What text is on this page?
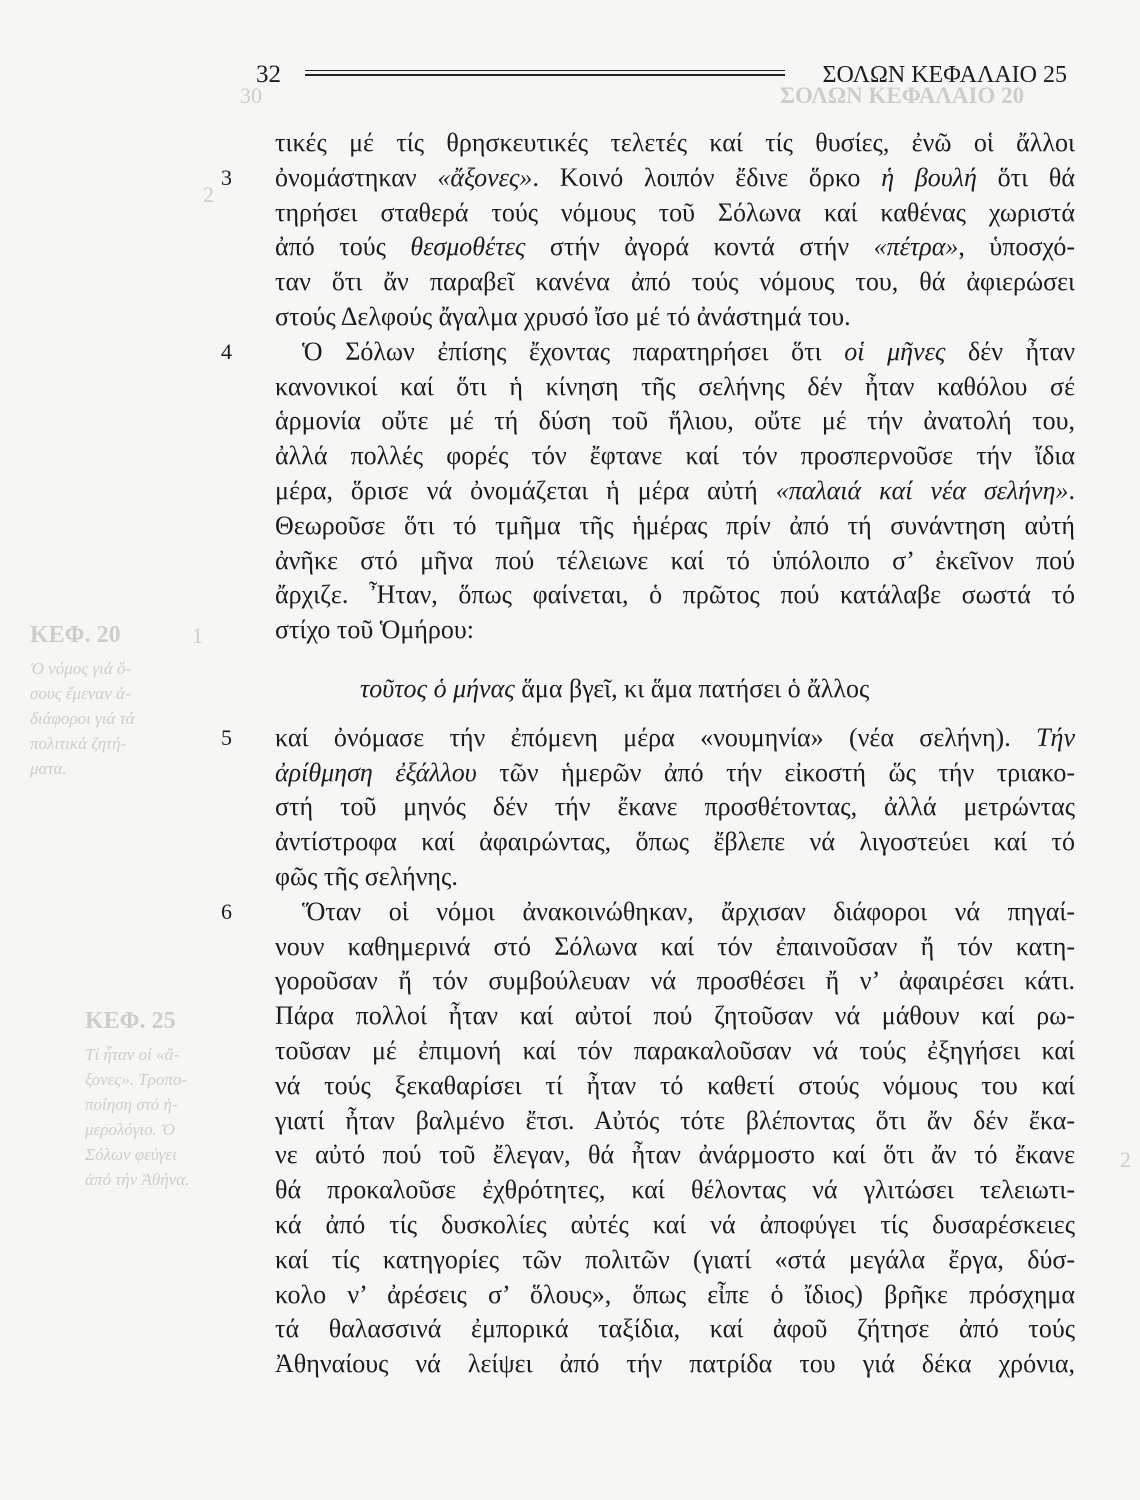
30	ΣΟΛΩΝ ΚΕΦΑΛΑΙΟ 20
2
1
2
ΚΕΦ. 20
Ὁ νόμος γιά ὅ-
σους ἔμεναν ἀ-
διάφοροι γιά τά
πολιτικά ζητή-
ματα.
ΚΕΦ. 25
Τί ἦταν οἱ «ἄ-
ξονες». Τροπο-
ποίηση στό ἡ-
μερολόγιο. Ὁ
Σόλων φεύγει
ἀπό τήν Ἀθήνα.
32	ΣΟΛΩΝ ΚΕΦΑΛΑΙΟ 25
τικές μέ τίς θρησκευτικές τελετές καί τίς θυσίες, ἐνῶ οἱ ἄλλοι
3 ὀνομάστηκαν «ἄξονες». Κοινό λοιπόν ἔδινε ὅρκο ἡ βουλή ὅτι θά
τηρήσει σταθερά τούς νόμους τοῦ Σόλωνα καί καθένας χωριστά
ἀπό τούς θεσμοθέτες στήν ἀγορά κοντά στήν «πέτρα», ὑποσχό-
ταν ὅτι ἄν παραβεῖ κανένα ἀπό τούς νόμους του, θά ἀφιερώσει
στούς Δελφούς ἄγαλμα χρυσό ἴσο μέ τό ἀνάστημά του.
4	Ὁ Σόλων ἐπίσης ἔχοντας παρατηρήσει ὅτι οἱ μῆνες δέν ἦταν
κανονικοί καί ὅτι ἡ κίνηση τῆς σελήνης δέν ἦταν καθόλου σέ
ἁρμονία οὔτε μέ τή δύση τοῦ ἥλιου, οὔτε μέ τήν ἀνατολή του,
ἀλλά πολλές φορές τόν ἔφτανε καί τόν προσπερνοῦσε τήν ἴδια
μέρα, ὅρισε νά ὀνομάζεται ἡ μέρα αὐτή «παλαιά καί νέα σελήνη».
Θεωροῦσε ὅτι τό τμῆμα τῆς ἡμέρας πρίν ἀπό τή συνάντηση αὐτή
ἀνῆκε στό μῆνα πού τέλειωνε καί τό ὑπόλοιπο σ’ ἐκεῖνον πού
ἄρχιζε. Ἦταν, ὅπως φαίνεται, ὁ πρῶτος πού κατάλαβε σωστά τό
στίχο τοῦ Ὁμήρου:
τοῦτος ὁ μήνας ἅμα βγεῖ, κι ἅμα πατήσει ὁ ἄλλος
5 καί ὀνόμασε τήν ἐπόμενη μέρα «νουμηνία» (νέα σελήνη). Τήν
ἀρίθμηση ἐξάλλου τῶν ἡμερῶν ἀπό τήν εἰκοστή ὥς τήν τριακο-
στή τοῦ μηνός δέν τήν ἔκανε προσθέτοντας, ἀλλά μετρώντας
ἀντίστροφα καί ἀφαιρώντας, ὅπως ἔβλεπε νά λιγοστεύει καί τό
φῶς τῆς σελήνης.
6	Ὅταν οἱ νόμοι ἀνακοινώθηκαν, ἄρχισαν διάφοροι νά πηγαί-
νουν καθημερινά στό Σόλωνα καί τόν ἐπαινοῦσαν ἤ τόν κατη-
γοροῦσαν ἤ τόν συμβούλευαν νά προσθέσει ἤ ν’ ἀφαιρέσει κάτι.
Πάρα πολλοί ἦταν καί αὐτοί πού ζητοῦσαν νά μάθουν καί ρω-
τοῦσαν μέ ἐπιμονή καί τόν παρακαλοῦσαν νά τούς ἐξηγήσει καί
νά τούς ξεκαθαρίσει τί ἦταν τό καθετί στούς νόμους του καί
γιατί ἦταν βαλμένο ἔτσι. Αὐτός τότε βλέποντας ὅτι ἄν δέν ἔκα-
νε αὐτό πού τοῦ ἔλεγαν, θά ἦταν ἀνάρμοστο καί ὅτι ἄν τό ἔκανε
θά προκαλοῦσε ἐχθρότητες, καί θέλοντας νά γλιτώσει τελειωτι-
κά ἀπό τίς δυσκολίες αὐτές καί νά ἀποφύγει τίς δυσαρέσκειες
καί τίς κατηγορίες τῶν πολιτῶν (γιατί «στά μεγάλα ἔργα, δύσ-
κολο ν’ ἀρέσεις σ’ ὅλους», ὅπως εἶπε ὁ ἴδιος) βρῆκε πρόσχημα
τά θαλασσινά ἐμπορικά ταξίδια, καί ἀφοῦ ζήτησε ἀπό τούς
Ἀθηναίους νά λείψει ἀπό τήν πατρίδα του γιά δέκα χρόνια,
